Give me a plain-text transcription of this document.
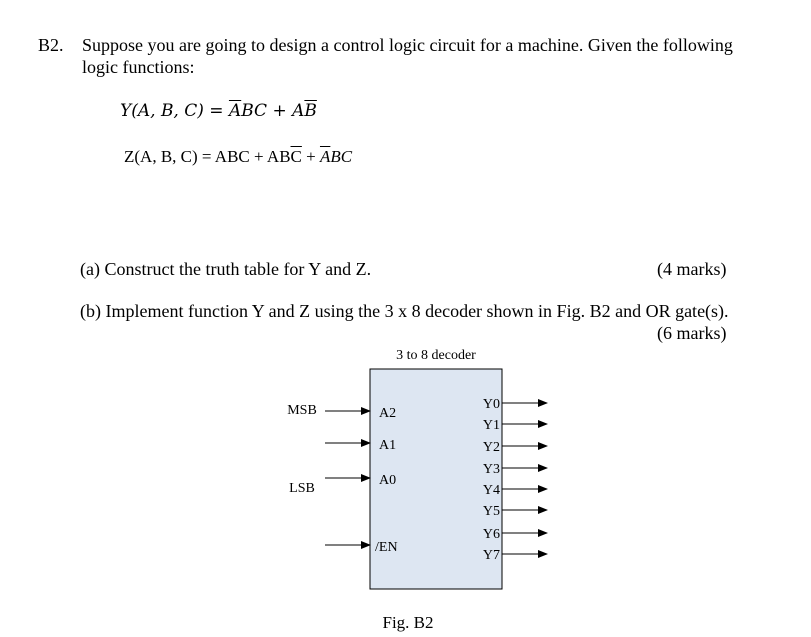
B2. Suppose you are going to design a control logic circuit for a machine. Given the following
logic functions:
Y(A, B, $C) = \overline{A}BC + A\overline{B}$
Z(A, B, C) = ABC + $AB\overline{C} + \overline{A}BC$
(a) Construct the truth table for Y and Z.	(4 marks)
(b) Implement function Y and Z using the 3 x 8 decoder shown in Fig. B2 and OR gate(s).
(6 marks)
3 to 8 decoder
MSB
LSB
A2
A1
A0
/EN
Y0
Y1
Y2
Y3
Y4
Y5
Y6
Y7
Fig. B2
